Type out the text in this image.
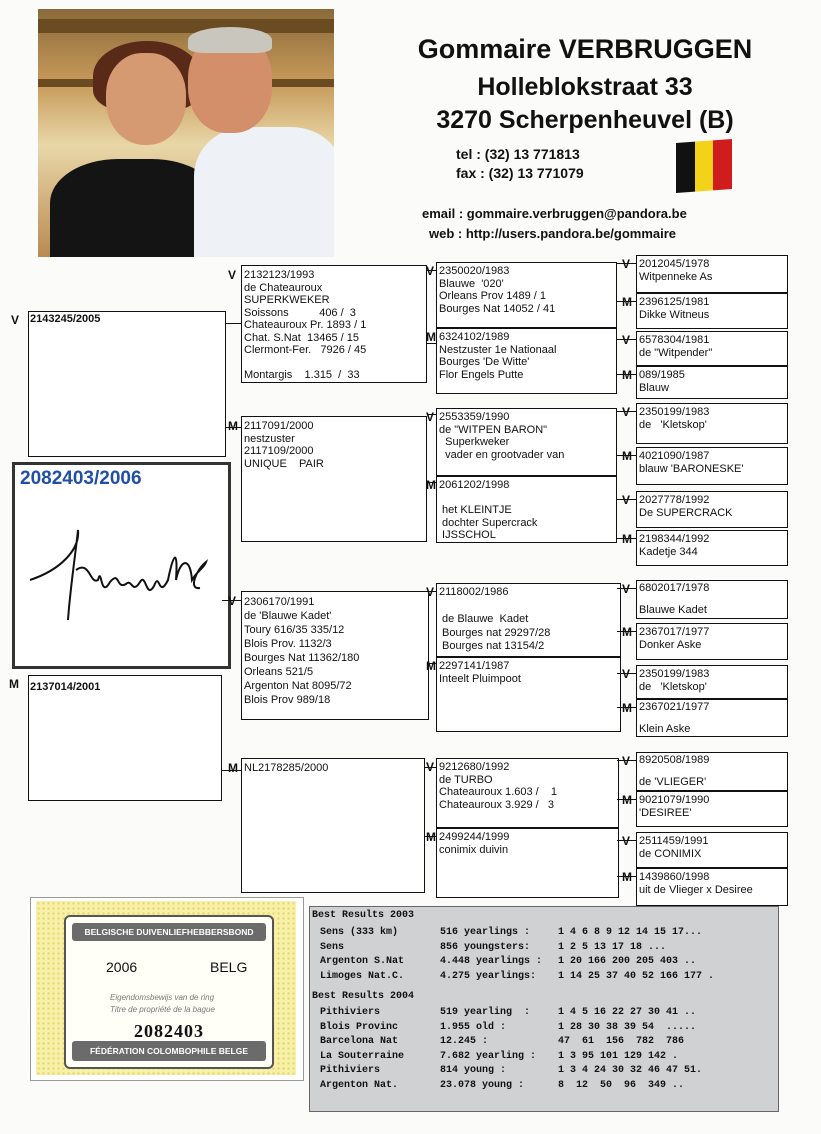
Gommaire VERBRUGGEN
Holleblokstraat 33
3270 Scherpenheuvel (B)
tel : (32) 13 771813
fax : (32) 13 771079
email : gommaire.verbruggen@pandora.be
web : http://users.pandora.be/gommaire
V 2143245/2005
M 2137014/2001
2082403/2006
V 2132123/1993
de Chateauroux
SUPERKWEKER
Soissons          406 /  3
Chateauroux Pr. 1893 / 1
Chat. S.Nat  13465 / 15
Clermont-Fer.   7926 / 45

Montargis    1.315  /  33
M 2117091/2000
nestzuster
2117109/2000
UNIQUE    PAIR
V 2306170/1991
de 'Blauwe Kadet'
Toury 616/35 335/12
Blois Prov. 1132/3
Bourges Nat 11362/180
Orleans 521/5
Argenton Nat 8095/72
Blois Prov 989/18
M NL2178285/2000
V 2350020/1983
Blauwe  '020'
Orleans Prov 1489 / 1
Bourges Nat 14052 / 41
M 6324102/1989
Nestzuster 1e Nationaal
Bourges 'De Witte'
Flor Engels Putte
V 2553359/1990
de "WITPEN BARON"
Superkweker
vader en grootvader van
M 2061202/1998

het KLEINTJE
dochter Supercrack
IJSSCHOL
V 2118002/1986

de Blauwe  Kadet
Bourges nat 29297/28
Bourges nat 13154/2
M 2297141/1987
Inteelt Pluimpoot
V 9212680/1992
de TURBO
Chateauroux 1.603 /    1
Chateauroux 3.929 /   3
M 2499244/1999
conimix duivin
V 2012045/1978
Witpenneke As
M 2396125/1981
Dikke Witneus
V 6578304/1981
de "Witpender"
M 089/1985
Blauw
V 2350199/1983
de   'Kletskop'
M 4021090/1987
blauw 'BARONESKE'
V 2027778/1992
De SUPERCRACK
M 2198344/1992
Kadetje 344
V 6802017/1978

Blauwe Kadet
M 2367017/1977
Donker Aske
V 2350199/1983
de   'Kletskop'
M 2367021/1977

Klein Aske
V 8920508/1989

de 'VLIEGER'
M 9021079/1990
'DESIREE'
V 2511459/1991
de CONIMIX
M 1439860/1998
uit de Vlieger x Desiree
BELGISCHE DUIVENLIEFHEBBERSBOND
2006	BELG
Eigendomsbewijs van de ring
Titre de propriété de la bague
2082403
FÉDÉRATION COLOMBOPHILE BELGE
Best Results 2003
Sens (333 km)	516 yearlings :	1 4 6 8 9 12 14 15 17...
Sens	856 youngsters:	1 2 5 13 17 18 ...
Argenton S.Nat	4.448 yearlings : 1 20 166 200 205 403 ..
Limoges Nat.C.	4.275 yearlings: 1 14 25 37 40 52 166 177 .
Best Results 2004
Pithiviers	519 yearling  :	1 4 5 16 22 27 30 41 ..
Blois Provinc	1.955 old :	1 28 30 38 39 54  .....
Barcelona Nat	12.245 :	47  61  156  782  786
La Souterraine	7.682 yearling : 1 3 95 101 129 142 .
Pithiviers	814 young :	1 3 4 24 30 32 46 47 51.
Argenton Nat.	23.078 young :	8  12  50  96  349 ..
